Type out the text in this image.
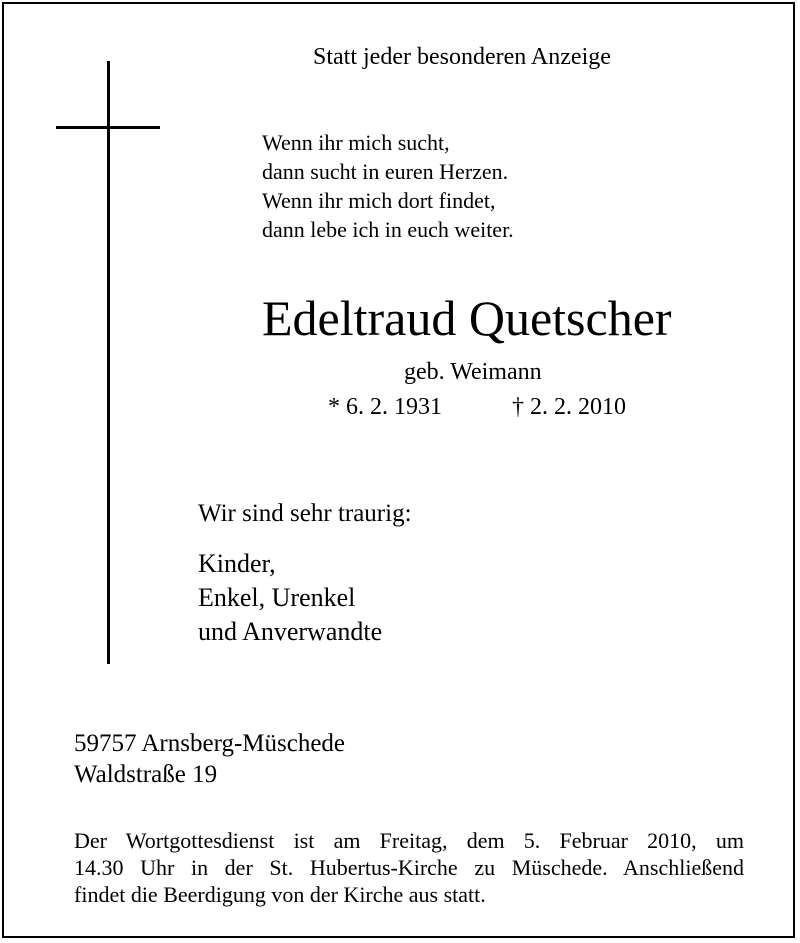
Statt jeder besonderen Anzeige
Wenn ihr mich sucht,
dann sucht in euren Herzen.
Wenn ihr mich dort findet,
dann lebe ich in euch weiter.
Edeltraud Quetscher
geb. Weimann
* 6. 2. 1931	† 2. 2. 2010
Wir sind sehr traurig:
Kinder,
Enkel, Urenkel
und Anverwandte
59757 Arnsberg-Müschede
Waldstraße 19
Der Wortgottesdienst ist am Freitag, dem 5. Februar 2010, um
14.30 Uhr in der St. Hubertus-Kirche zu Müschede. Anschließend
findet die Beerdigung von der Kirche aus statt.
